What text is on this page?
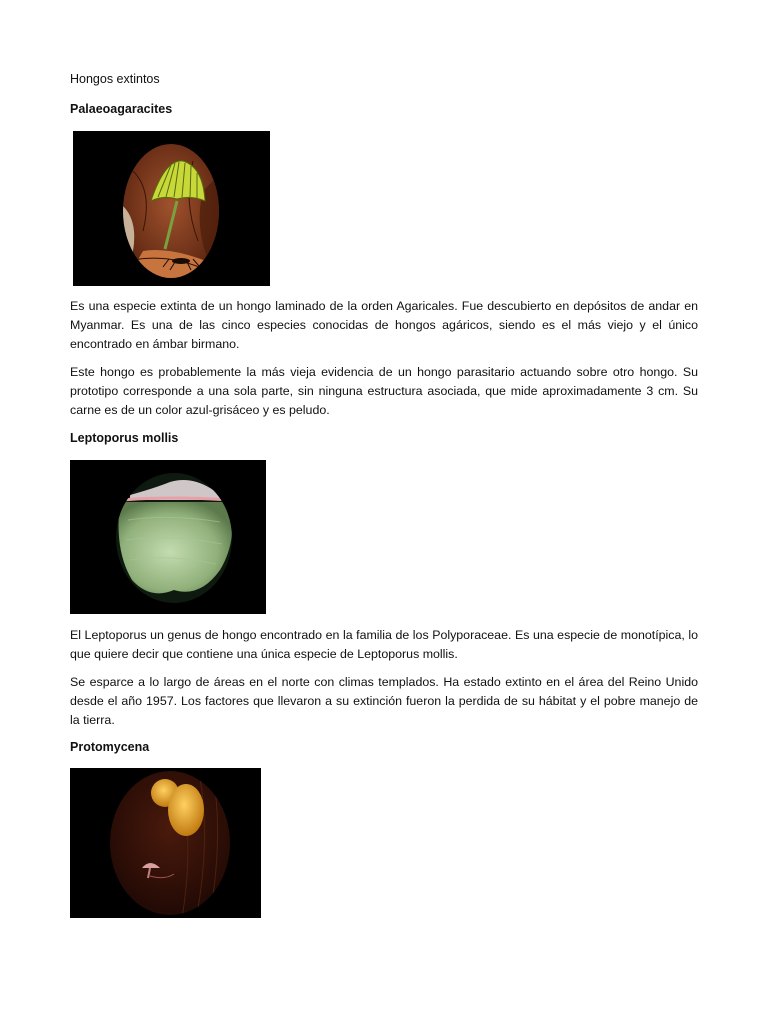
Hongos extintos
Palaeoagaracites
Es una especie extinta de un hongo laminado de la orden Agaricales. Fue descubierto en depósitos de andar en Myanmar. Es una de las cinco especies conocidas de hongos agáricos, siendo es el más viejo y el único encontrado en ámbar birmano.
Este hongo es probablemente la más vieja evidencia de un hongo parasitario actuando sobre otro hongo. Su prototipo corresponde a una sola parte, sin ninguna estructura asociada, que mide aproximadamente 3 cm. Su carne es de un color azul-grisáceo y es peludo.
Leptoporus mollis
El Leptoporus un genus de hongo encontrado en la familia de los Polyporaceae. Es una especie de monotípica, lo que quiere decir que contiene una única especie de Leptoporus mollis.
Se esparce a lo largo de áreas en el norte con climas templados. Ha estado extinto en el área del Reino Unido desde el año 1957. Los factores que llevaron a su extinción fueron la perdida de su hábitat y el pobre manejo de la tierra.
Protomycena
